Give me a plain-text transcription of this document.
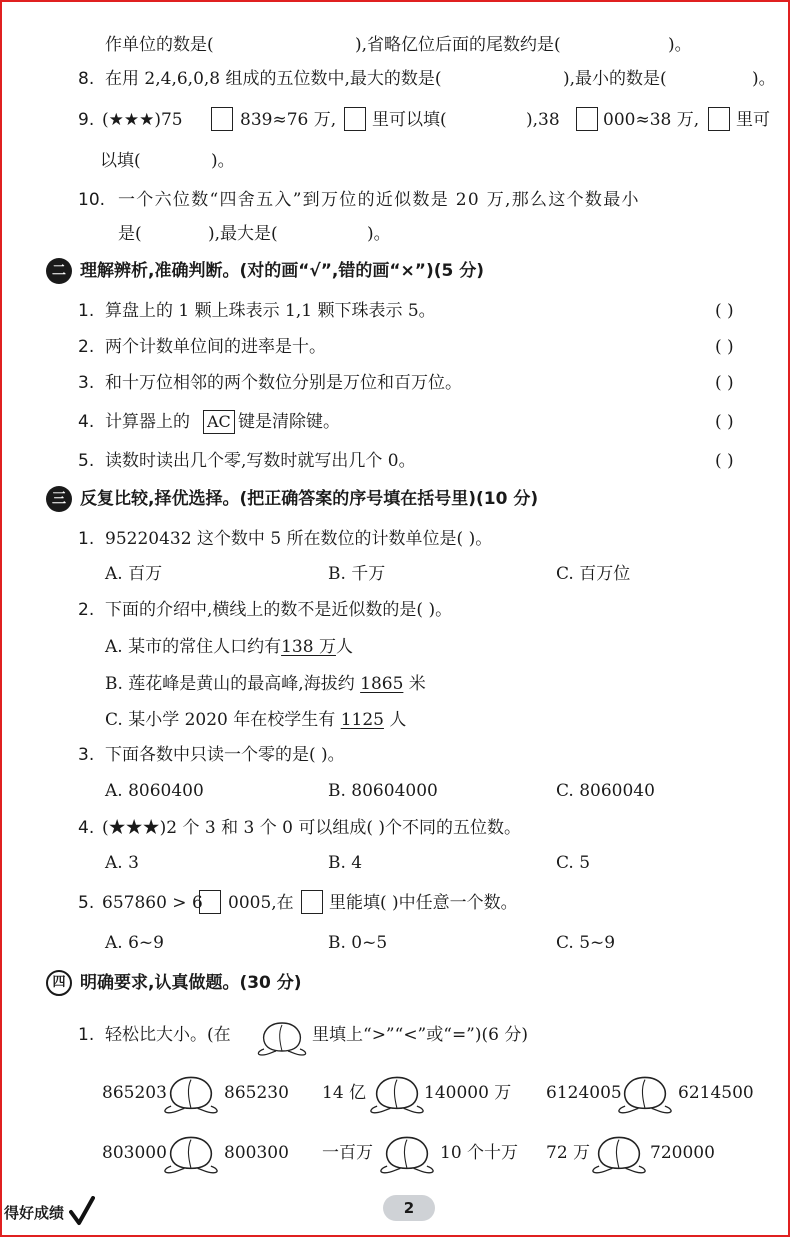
作单位的数是(	),省略亿位后面的尾数约是(	)。
8. 在用 2,4,6,0,8 组成的五位数中,最大的数是(	),最小的数是(	)。
9. (★★★)75	839≈76 万, 里可以填(	),38	000≈38 万, 里可
以填(	)。
10. 一个六位数“四舍五入”到万位的近似数是 20 万,那么这个数最小
是(	),最大是(	)。
二 理解辨析,准确判断。(对的画“√”,错的画“×”)(5 分)
1. 算盘上的 1 颗上珠表示 1,1 颗下珠表示 5。	( )
2. 两个计数单位间的进率是十。	( )
3. 和十万位相邻的两个数位分别是万位和百万位。	( )
4. 计算器上的 AC 键是清除键。	( )
5. 读数时读出几个零,写数时就写出几个 0。	( )
三 反复比较,择优选择。(把正确答案的序号填在括号里)(10 分)
1. 95220432 这个数中 5 所在数位的计数单位是( )。
A. 百万	B. 千万	C. 百万位
2. 下面的介绍中,横线上的数不是近似数的是( )。
A. 某市的常住人口约有138 万人
B. 莲花峰是黄山的最高峰,海拔约 1865 米
C. 某小学 2020 年在校学生有 1125 人
3. 下面各数中只读一个零的是( )。
A. 8060400	B. 80604000	C. 8060040
4. (★★★)2 个 3 和 3 个 0 可以组成( )个不同的五位数。
A. 3	B. 4	C. 5
5. 657860 > 6 0005,在 里能填( )中任意一个数。
A. 6~9	B. 0~5	C. 5~9
四 明确要求,认真做题。(30 分)
1. 轻松比大小。(在	里填上“>”“<”或“=”)(6 分)
865203	865230 14 亿	140000 万 6124005	6214500
803000	800300 一百万	10 个十万 72 万	720000
得好成绩	2
